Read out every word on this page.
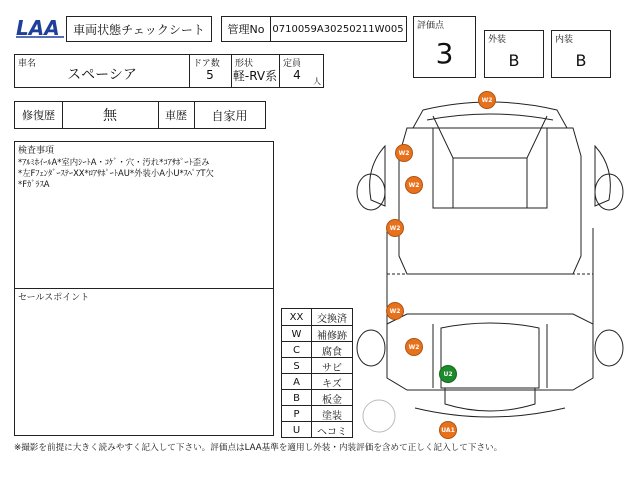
LAA	車両状態チェックシート	管理No 0710059A30250211W005 評価点
3	外装
B
内装
B
車名
スペーシア
ドア数
5
形状
軽-RV系
定員
4	人
修復歴	無	車歴	自家用
検査事項
*ｱﾙﾐﾎｲｰﾙA*室内ｼｰﾄA・ｺｹﾞ・穴・汚れ*ｺｱｻﾎﾟｰﾄ歪み
*左FﾌｪﾝﾀﾞｰｽﾃｰXX*ﾛｱｻﾎﾟｰﾄAU*外装小A小U*ｽﾍﾟｱT欠
*FｶﾞﾗｽA
セールスポイント
XX	交換済
W	補修跡
C	腐食
S	サビ
A	キズ
B	板金
P	塗装
U	ヘコミ
W2
W2
W2
W2
W2
W2
U2
UA1
※撮影を前提に大きく読みやすく記入して下さい。評価点はLAA基準を適用し外装・内装評価を含めて正しく記入して下さい。
